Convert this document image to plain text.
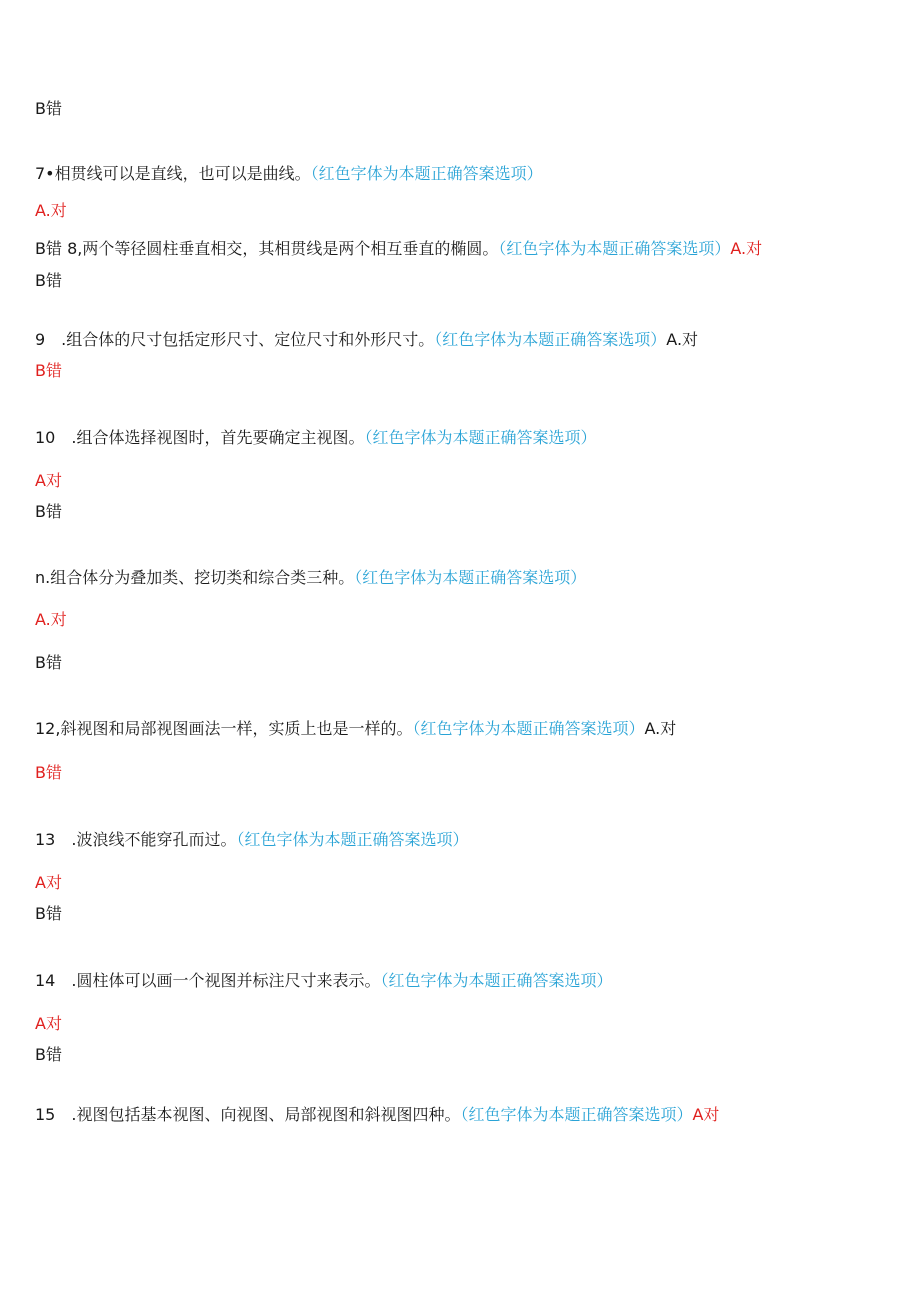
B错
7•相贯线可以是直线，也可以是曲线。（红色字体为本题正确答案选项）
A.对
B错 8,两个等径圆柱垂直相交，其相贯线是两个相互垂直的椭圆。（红色字体为本题正确答案选项）A.对
B错
9　.组合体的尺寸包括定形尺寸、定位尺寸和外形尺寸。（红色字体为本题正确答案选项）A.对
B错
10　.组合体选择视图时，首先要确定主视图。（红色字体为本题正确答案选项）
A对
B错
n.组合体分为叠加类、挖切类和综合类三种。（红色字体为本题正确答案选项）
A.对
B错
12,斜视图和局部视图画法一样，实质上也是一样的。（红色字体为本题正确答案选项）A.对
B错
13　.波浪线不能穿孔而过。（红色字体为本题正确答案选项）
A对
B错
14　.圆柱体可以画一个视图并标注尺寸来表示。（红色字体为本题正确答案选项）
A对
B错
15　.视图包括基本视图、向视图、局部视图和斜视图四种。（红色字体为本题正确答案选项）A对
